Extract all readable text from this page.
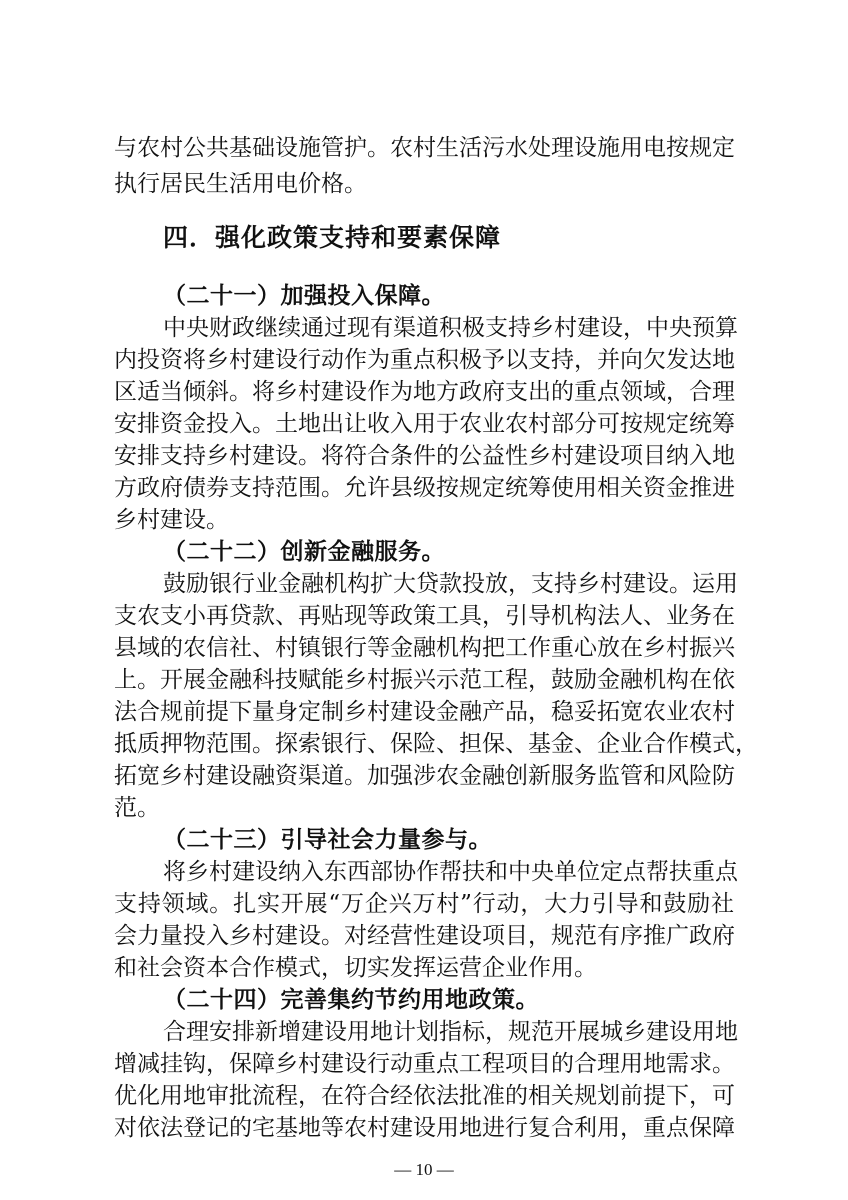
与农村公共基础设施管护。农村生活污水处理设施用电按规定
执行居民生活用电价格。
四．强化政策支持和要素保障
（二十一）加强投入保障。
中央财政继续通过现有渠道积极支持乡村建设，中央预算
内投资将乡村建设行动作为重点积极予以支持，并向欠发达地
区适当倾斜。将乡村建设作为地方政府支出的重点领域，合理
安排资金投入。土地出让收入用于农业农村部分可按规定统筹
安排支持乡村建设。将符合条件的公益性乡村建设项目纳入地
方政府债券支持范围。允许县级按规定统筹使用相关资金推进
乡村建设。
（二十二）创新金融服务。
鼓励银行业金融机构扩大贷款投放，支持乡村建设。运用
支农支小再贷款、再贴现等政策工具，引导机构法人、业务在
县域的农信社、村镇银行等金融机构把工作重心放在乡村振兴
上。开展金融科技赋能乡村振兴示范工程，鼓励金融机构在依
法合规前提下量身定制乡村建设金融产品，稳妥拓宽农业农村
抵质押物范围。探索银行、保险、担保、基金、企业合作模式，
拓宽乡村建设融资渠道。加强涉农金融创新服务监管和风险防
范。
（二十三）引导社会力量参与。
将乡村建设纳入东西部协作帮扶和中央单位定点帮扶重点
支持领域。扎实开展“万企兴万村”行动，大力引导和鼓励社
会力量投入乡村建设。对经营性建设项目，规范有序推广政府
和社会资本合作模式，切实发挥运营企业作用。
（二十四）完善集约节约用地政策。
合理安排新增建设用地计划指标，规范开展城乡建设用地
增减挂钩，保障乡村建设行动重点工程项目的合理用地需求。
优化用地审批流程，在符合经依法批准的相关规划前提下，可
对依法登记的宅基地等农村建设用地进行复合利用，重点保障
— 10 —
